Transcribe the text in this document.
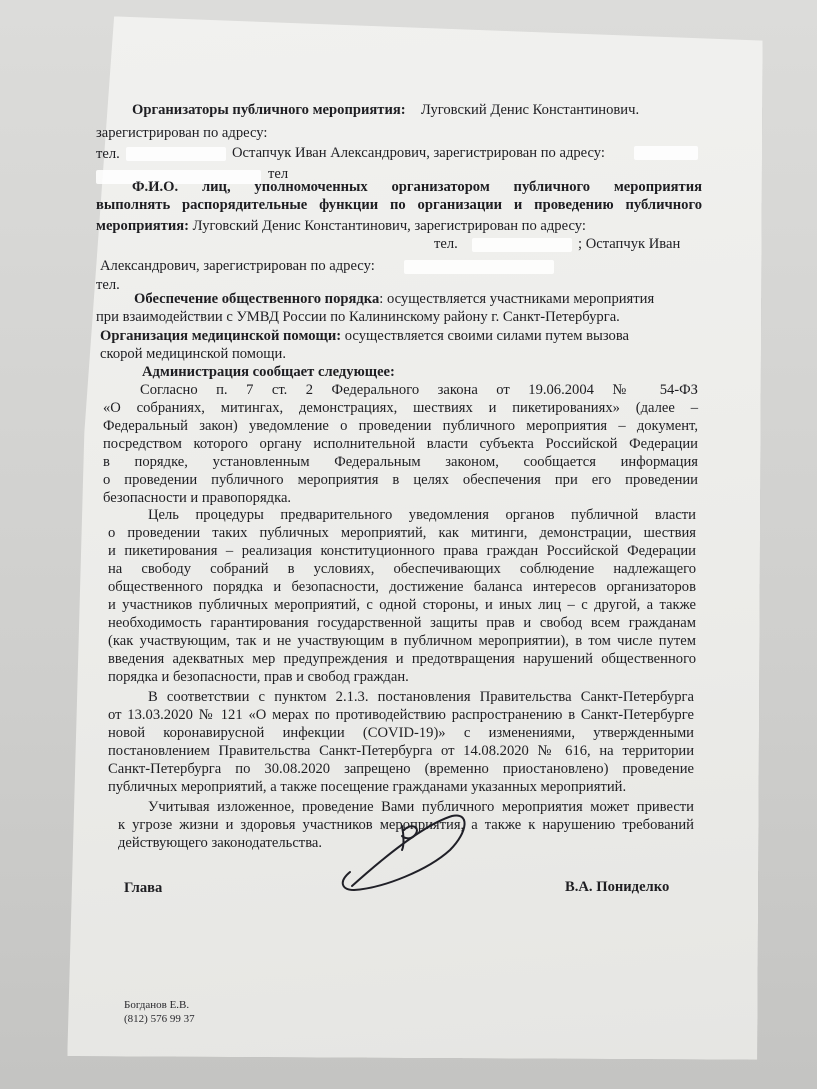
Организаторы публичного мероприятия: Луговский Денис Константинович.
зарегистрирован по адресу:
тел.	Остапчук Иван Александрович, зарегистрирован по адресу:
тел
Ф.И.О. лиц, уполномоченных организатором публичного мероприятия
выполнять распорядительные функции по организации и проведению публичного
мероприятия: Луговский Денис Константинович, зарегистрирован по адресу:
тел.	; Остапчук Иван
Александрович, зарегистрирован по адресу:
тел.
Обеспечение общественного порядка: осуществляется участниками мероприятия
при взаимодействии с УМВД России по Калининскому району г. Санкт-Петербурга.
Организация медицинской помощи: осуществляется своими силами путем вызова
скорой медицинской помощи.
Администрация сообщает следующее:
Согласно п. 7 ст. 2 Федерального закона от 19.06.2004 № 54-ФЗ
«О собраниях, митингах, демонстрациях, шествиях и пикетированиях» (далее –
Федеральный закон) уведомление о проведении публичного мероприятия – документ,
посредством которого органу исполнительной власти субъекта Российской Федерации
в порядке, установленным Федеральным законом, сообщается информация
о проведении публичного мероприятия в целях обеспечения при его проведении
безопасности и правопорядка.
Цель процедуры предварительного уведомления органов публичной власти
о проведении таких публичных мероприятий, как митинги, демонстрации, шествия
и пикетирования – реализация конституционного права граждан Российской Федерации
на свободу собраний в условиях, обеспечивающих соблюдение надлежащего
общественного порядка и безопасности, достижение баланса интересов организаторов
и участников публичных мероприятий, с одной стороны, и иных лиц – с другой, а также
необходимость гарантирования государственной защиты прав и свобод всем гражданам
(как участвующим, так и не участвующим в публичном мероприятии), в том числе путем
введения адекватных мер предупреждения и предотвращения нарушений общественного
порядка и безопасности, прав и свобод граждан.
В соответствии с пунктом 2.1.3. постановления Правительства Санкт-Петербурга
от 13.03.2020 № 121 «О мерах по противодействию распространению в Санкт-Петербурге
новой коронавирусной инфекции (COVID-19)» с изменениями, утвержденными
постановлением Правительства Санкт-Петербурга от 14.08.2020 № 616, на территории
Санкт-Петербурга по 30.08.2020 запрещено (временно приостановлено) проведение
публичных мероприятий, а также посещение гражданами указанных мероприятий.
Учитывая изложенное, проведение Вами публичного мероприятия может привести
к угрозе жизни и здоровья участников мероприятия, а также к нарушению требований
действующего законодательства.
Глава	В.А. Пониделко
Богданов Е.В.
(812) 576 99 37
